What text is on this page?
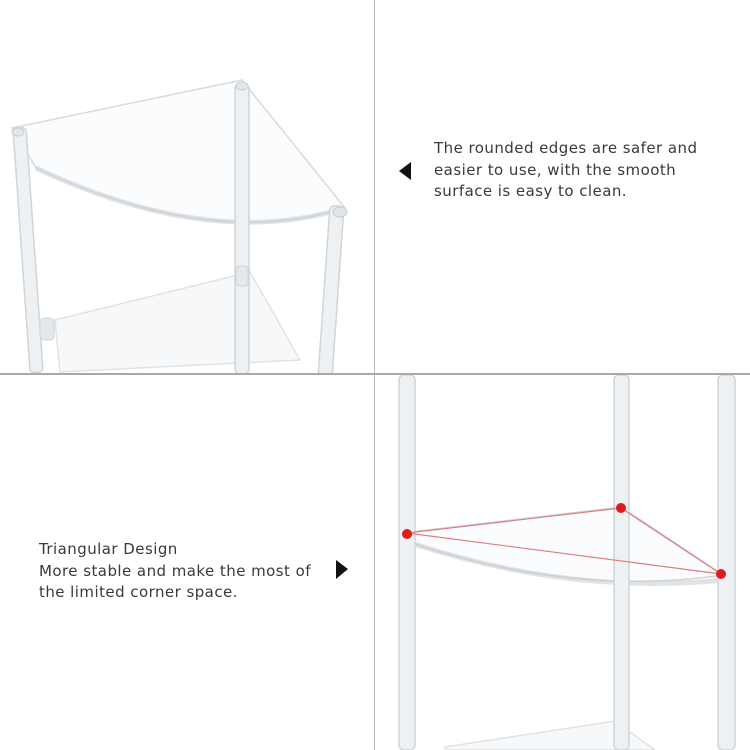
The rounded edges are safer and
easier to use, with the smooth
surface is easy to clean.
Triangular Design
More stable and make the most of
the limited corner space.
